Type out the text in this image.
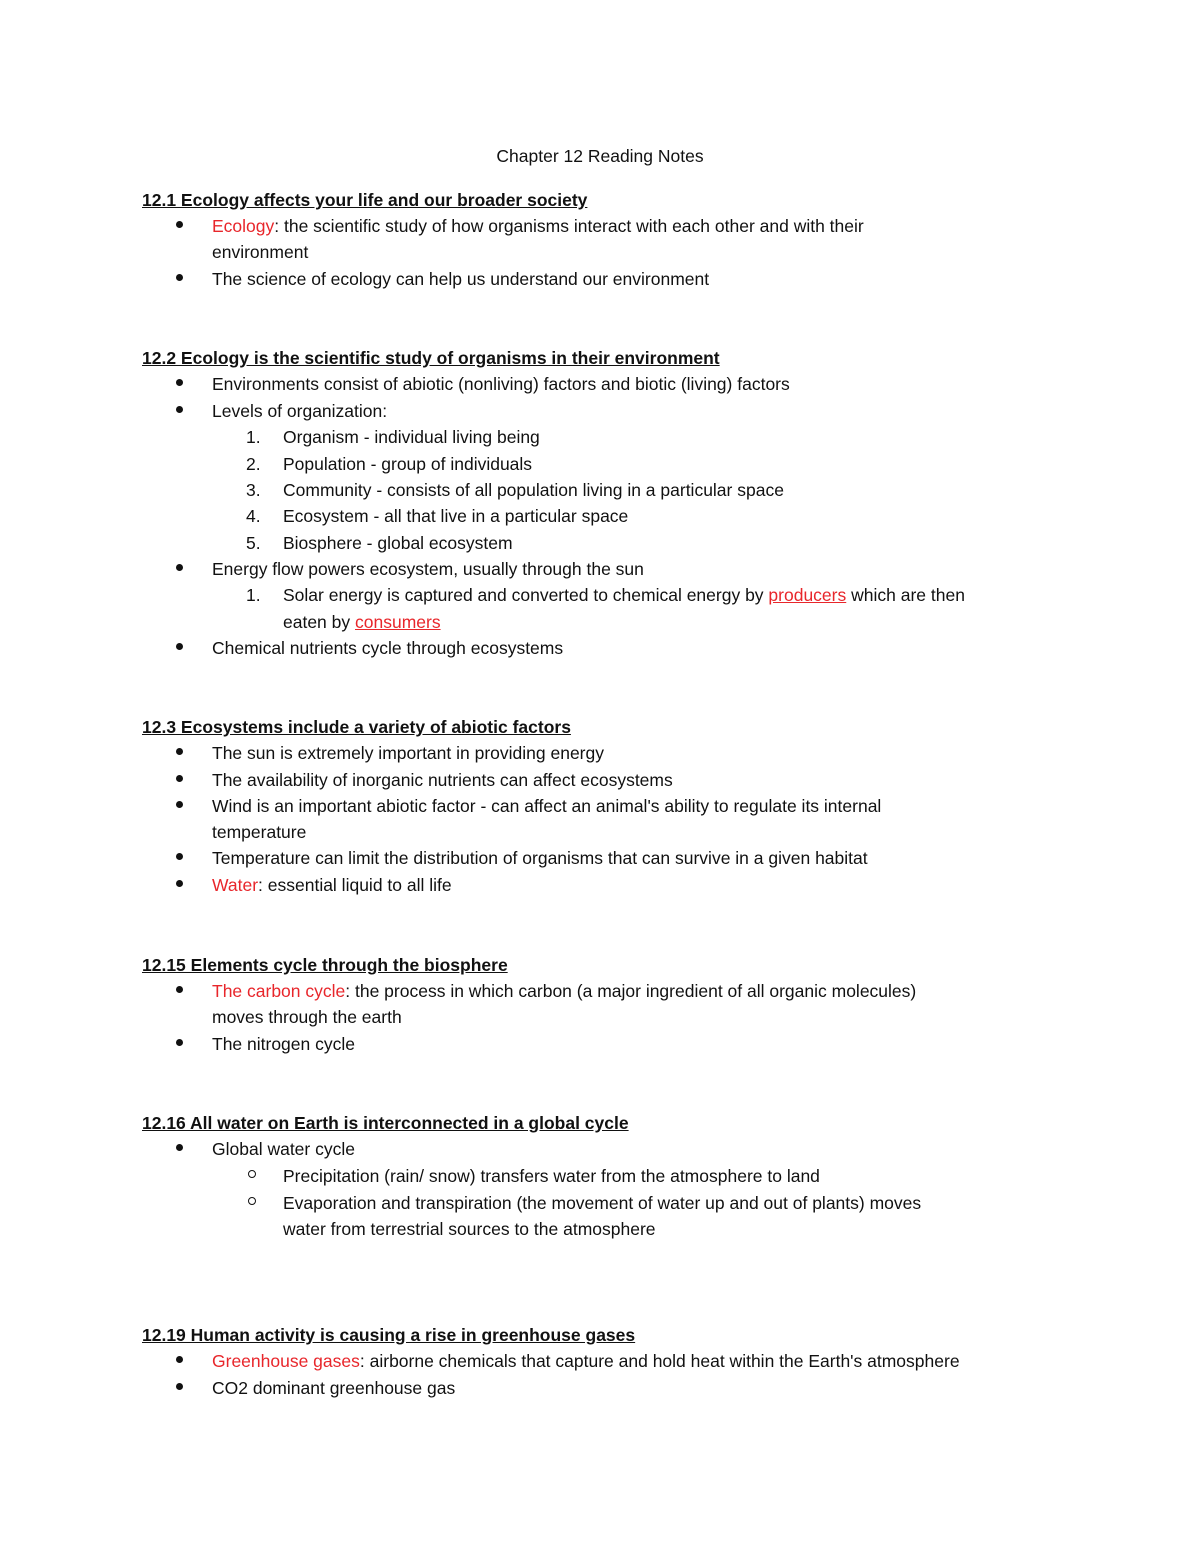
Chapter 12 Reading Notes
12.1 Ecology affects your life and our broader society
Ecology: the scientific study of how organisms interact with each other and with their
environment
The science of ecology can help us understand our environment
12.2 Ecology is the scientific study of organisms in their environment
Environments consist of abiotic (nonliving) factors and biotic (living) factors
Levels of organization:
1. Organism - individual living being
2. Population - group of individuals
3. Community - consists of all population living in a particular space
4. Ecosystem - all that live in a particular space
5. Biosphere - global ecosystem
Energy flow powers ecosystem, usually through the sun
1. Solar energy is captured and converted to chemical energy by producers which are then
eaten by consumers
Chemical nutrients cycle through ecosystems
12.3 Ecosystems include a variety of abiotic factors
The sun is extremely important in providing energy
The availability of inorganic nutrients can affect ecosystems
Wind is an important abiotic factor - can affect an animal's ability to regulate its internal
temperature
Temperature can limit the distribution of organisms that can survive in a given habitat
Water: essential liquid to all life
12.15 Elements cycle through the biosphere
The carbon cycle: the process in which carbon (a major ingredient of all organic molecules)
moves through the earth
The nitrogen cycle
12.16 All water on Earth is interconnected in a global cycle
Global water cycle
Precipitation (rain/ snow) transfers water from the atmosphere to land
Evaporation and transpiration (the movement of water up and out of plants) moves
water from terrestrial sources to the atmosphere
12.19 Human activity is causing a rise in greenhouse gases
Greenhouse gases: airborne chemicals that capture and hold heat within the Earth's atmosphere
CO2 dominant greenhouse gas
